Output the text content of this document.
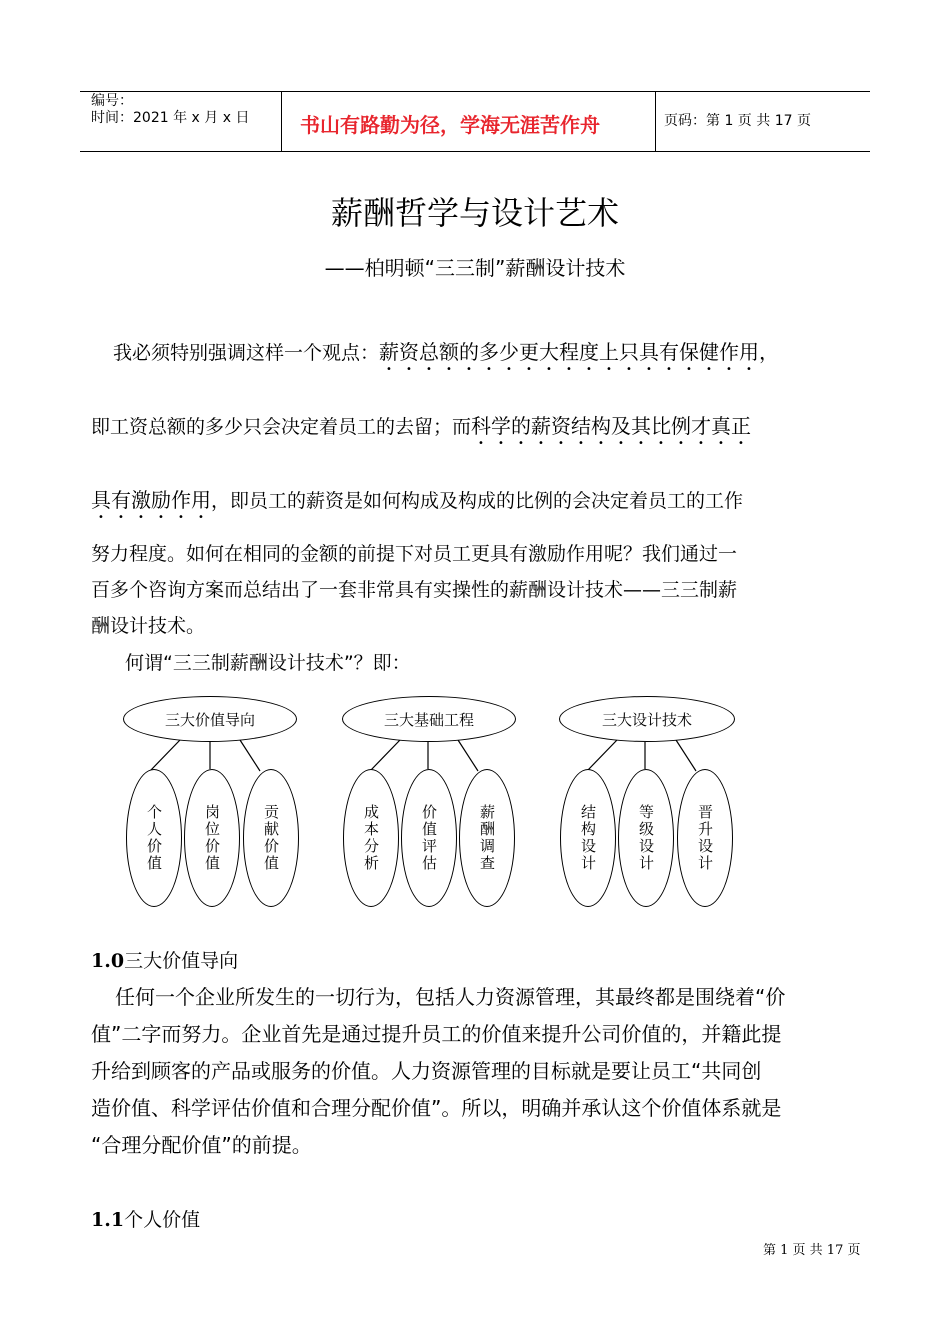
编号：
时间：2021 年 x 月 x 日	书山有路勤为径，学海无涯苦作舟	页码：第 1 页 共 17 页
薪酬哲学与设计艺术
——柏明顿“三三制”薪酬设计技术
我必须特别强调这样一个观点：薪资总额的多少更大程度上只具有保健作用，
即工资总额的多少只会决定着员工的去留；而科学的薪资结构及其比例才真正
具有激励作用，即员工的薪资是如何构成及构成的比例的会决定着员工的工作
努力程度。如何在相同的金额的前提下对员工更具有激励作用呢？我们通过一
百多个咨询方案而总结出了一套非常具有实操性的薪酬设计技术——三三制薪
酬设计技术。
何谓“三三制薪酬设计技术”？即：
三大价值导向
个人价值	岗位价值	贡献价值
三大基础工程
成本分析	价值评估	薪酬调查
三大设计技术
结构设计	等级设计	晋升设计
1.0三大价值导向
任何一个企业所发生的一切行为，包括人力资源管理，其最终都是围绕着“价
值”二字而努力。企业首先是通过提升员工的价值来提升公司价值的，并籍此提
升给到顾客的产品或服务的价值。人力资源管理的目标就是要让员工“共同创
造价值、科学评估价值和合理分配价值”。所以，明确并承认这个价值体系就是
“合理分配价值”的前提。
1.1个人价值
第 1 页 共 17 页
